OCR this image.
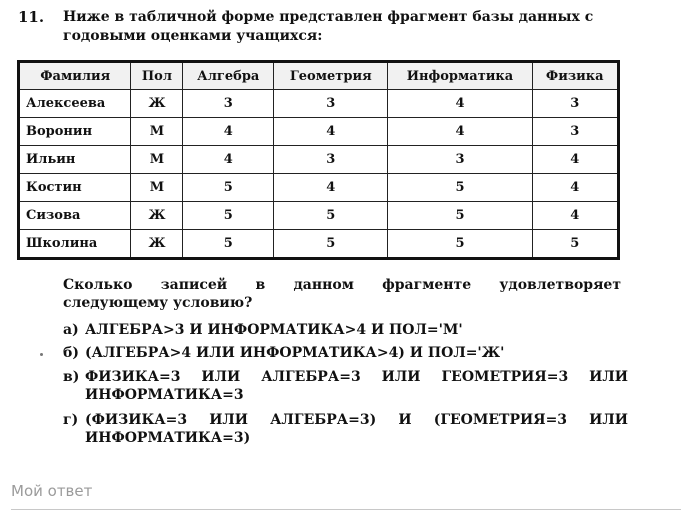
11. Ниже в табличной форме представлен фрагмент базы данных с
годовыми оценками учащихся:
Фамилия	Пол	Алгебра	Геометрия	Информатика	Физика
Алексеева	Ж	3	3	4	3
Воронин	М	4	4	4	3
Ильин	М	4	3	3	4
Костин	М	5	4	5	4
Сизова	Ж	5	5	5	4
Школина	Ж	5	5	5	5
Сколько записей в данном фрагменте удовлетворяет
следующему условию?
а) АЛГЕБРА>3 И ИНФОРМАТИКА>4 И ПОЛ='М'
б) (АЛГЕБРА>4 ИЛИ ИНФОРМАТИКА>4) И ПОЛ='Ж'
в) ФИЗИКА=3 ИЛИ АЛГЕБРА=3 ИЛИ ГЕОМЕТРИЯ=3 ИЛИ
ИНФОРМАТИКА=3
г) (ФИЗИКА=3 ИЛИ АЛГЕБРА=3) И (ГЕОМЕТРИЯ=3 ИЛИ
ИНФОРМАТИКА=3)
Мой ответ
